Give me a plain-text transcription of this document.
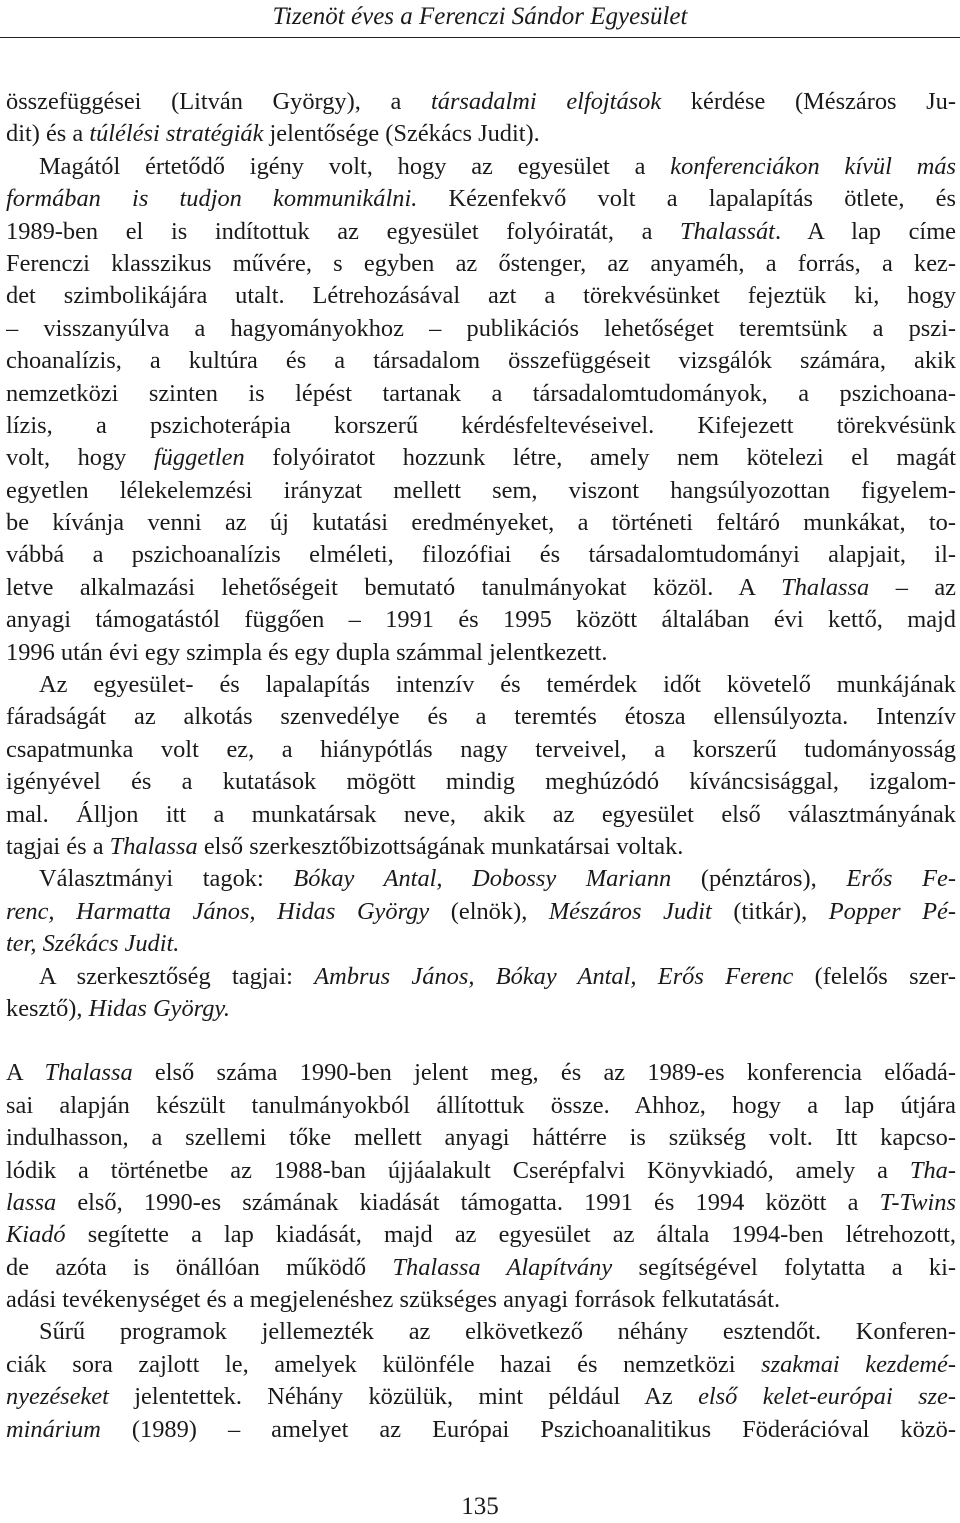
Tizenöt éves a Ferenczi Sándor Egyesület
összefüggései (Litván György), a társadalmi elfojtások kérdése (Mészáros Ju-
dit) és a túlélési stratégiák jelentősége (Székács Judit).
Magától értetődő igény volt, hogy az egyesület a konferenciákon kívül más
formában is tudjon kommunikálni. Kézenfekvő volt a lapalapítás ötlete, és
1989-ben el is indítottuk az egyesület folyóiratát, a Thalassát. A lap címe
Ferenczi klasszikus művére, s egyben az őstenger, az anyaméh, a forrás, a kez-
det szimbolikájára utalt. Létrehozásával azt a törekvésünket fejeztük ki, hogy
– visszanyúlva a hagyományokhoz – publikációs lehetőséget teremtsünk a pszi-
choanalízis, a kultúra és a társadalom összefüggéseit vizsgálók számára, akik
nemzetközi szinten is lépést tartanak a társadalomtudományok, a pszichoana-
lízis, a pszichoterápia korszerű kérdésfeltevéseivel. Kifejezett törekvésünk
volt, hogy független folyóiratot hozzunk létre, amely nem kötelezi el magát
egyetlen lélekelemzési irányzat mellett sem, viszont hangsúlyozottan figyelem-
be kívánja venni az új kutatási eredményeket, a történeti feltáró munkákat, to-
vábbá a pszichoanalízis elméleti, filozófiai és társadalomtudományi alapjait, il-
letve alkalmazási lehetőségeit bemutató tanulmányokat közöl. A Thalassa – az
anyagi támogatástól függően – 1991 és 1995 között általában évi kettő, majd
1996 után évi egy szimpla és egy dupla számmal jelentkezett.
Az egyesület- és lapalapítás intenzív és temérdek időt követelő munkájának
fáradságát az alkotás szenvedélye és a teremtés étosza ellensúlyozta. Intenzív
csapatmunka volt ez, a hiánypótlás nagy terveivel, a korszerű tudományosság
igényével és a kutatások mögött mindig meghúzódó kíváncsisággal, izgalom-
mal. Álljon itt a munkatársak neve, akik az egyesület első választmányának
tagjai és a Thalassa első szerkesztőbizottságának munkatársai voltak.
Választmányi tagok: Bókay Antal, Dobossy Mariann (pénztáros), Erős Fe-
renc, Harmatta János, Hidas György (elnök), Mészáros Judit (titkár), Popper Pé-
ter, Székács Judit.
A szerkesztőség tagjai: Ambrus János, Bókay Antal, Erős Ferenc (felelős szer-
kesztő), Hidas György.
A Thalassa első száma 1990-ben jelent meg, és az 1989-es konferencia előadá-
sai alapján készült tanulmányokból állítottuk össze. Ahhoz, hogy a lap útjára
indulhasson, a szellemi tőke mellett anyagi háttérre is szükség volt. Itt kapcso-
lódik a történetbe az 1988-ban újjáalakult Cserépfalvi Könyvkiadó, amely a Tha-
lassa első, 1990-es számának kiadását támogatta. 1991 és 1994 között a T-Twins
Kiadó segítette a lap kiadását, majd az egyesület az általa 1994-ben létrehozott,
de azóta is önállóan működő Thalassa Alapítvány segítségével folytatta a ki-
adási tevékenységet és a megjelenéshez szükséges anyagi források felkutatását.
Sűrű programok jellemezték az elkövetkező néhány esztendőt. Konferen-
ciák sora zajlott le, amelyek különféle hazai és nemzetközi szakmai kezdemé-
nyezéseket jelentettek. Néhány közülük, mint például Az első kelet-európai sze-
minárium (1989) – amelyet az Európai Pszichoanalitikus Föderációval közö-
135
